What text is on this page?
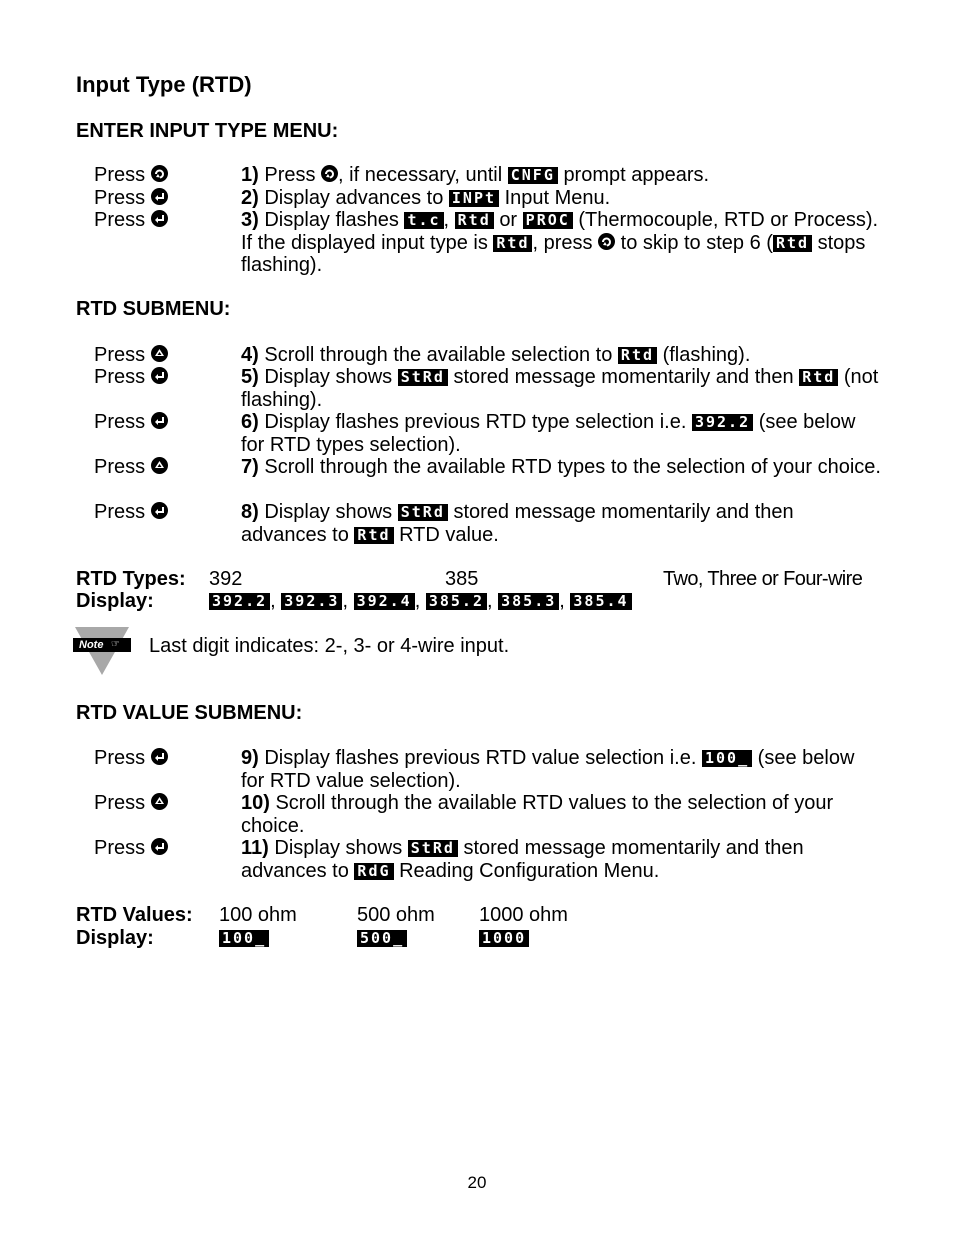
Input Type (RTD)
ENTER INPUT TYPE MENU:
Press	1) Press , if necessary, until CNFG prompt appears.
Press	2) Display advances to INPt Input Menu.
Press	3) Display flashes t.c , Rtd or PROC (Thermocouple, RTD or Process). If the displayed input type is Rtd , press to skip to step 6 ( Rtd stops flashing).
RTD SUBMENU:
Press	4) Scroll through the available selection to Rtd (flashing).
Press	5) Display shows StRd stored message momentarily and then Rtd (not flashing).
Press	6) Display flashes previous RTD type selection i.e. 392.2 (see below for RTD types selection).
Press	7) Scroll through the available RTD types to the selection of your choice.
Press	8) Display shows StRd stored message momentarily and then advances to Rtd RTD value.
RTD Types: 392	385	Two, Three or Four-wire
Display:	392.2 , 392.3 , 392.4 , 385.2 , 385.3 , 385.4
Note ☞ Last digit indicates: 2-, 3- or 4-wire input.
RTD VALUE SUBMENU:
Press	9) Display flashes previous RTD value selection i.e. 100_ (see below for RTD value selection).
Press	10) Scroll through the available RTD values to the selection of your choice.
Press	11) Display shows StRd stored message momentarily and then advances to RdG Reading Configuration Menu.
RTD Values: 100 ohm	500 ohm 1000 ohm
Display:	100_	500_	1000
20
